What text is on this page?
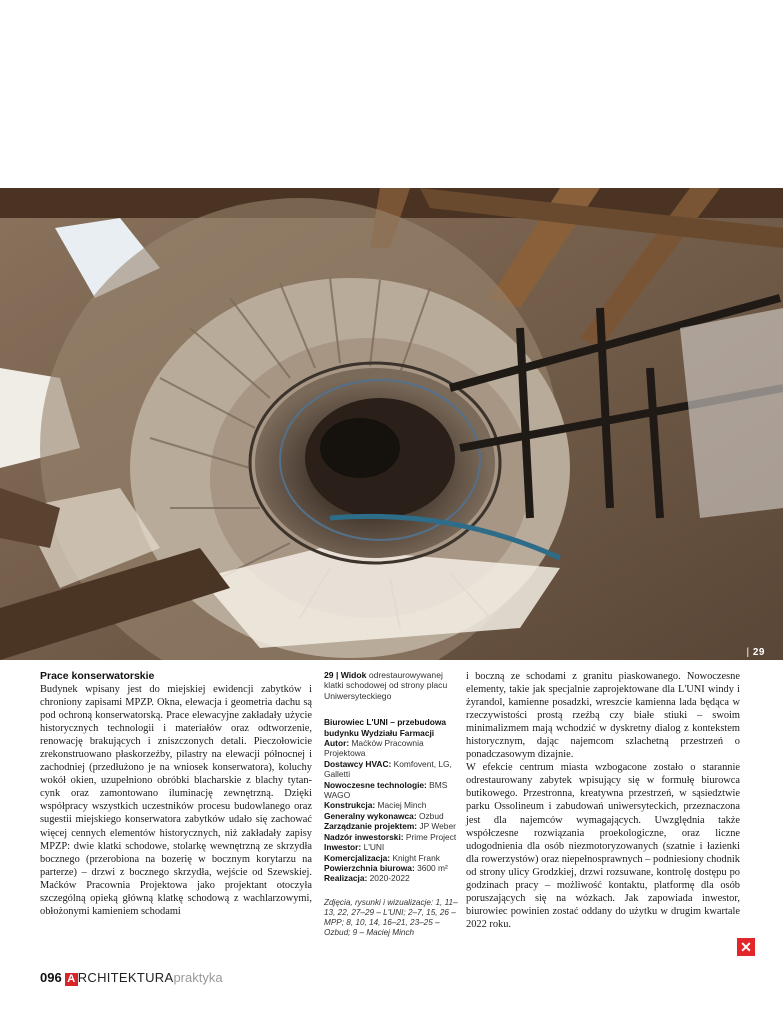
| 29
Prace konserwatorskie

Budynek wpisany jest do miejskiej ewidencji zabytków i chroniony zapisami MPZP. Okna, elewacja i geometria dachu są pod ochroną konserwatorską. Prace elewacyjne zakładały użycie historycznych technologii i materiałów oraz odtworzenie, renowację brakujących i zniszczonych detali. Pieczołowicie zrekonstruowano płaskorzeźby, pilastry na elewacji północnej i zachodniej (przedłużono je na wniosek konserwatora), koluchy wokół okien, uzupełniono obróbki blacharskie z blachy tytan-cynk oraz zamontowano iluminację zewnętrzną. Dzięki współpracy wszystkich uczestników procesu budowlanego oraz sugestii miejskiego konserwatora zabytków udało się zachować więcej cennych elementów historycznych, niż zakładały zapisy MPZP: dwie klatki schodowe, stolarkę wewnętrzną ze skrzydła bocznego (przerobiona na bozerię w bocznym korytarzu na parterze) – drzwi z bocznego skrzydła, wejście od Szewskiej. Maćków Pracownia Projektowa jako projektant otoczyła szczególną opieką główną klatkę schodową z wachlarzowymi, obłożonymi kamieniem schodami

29 | Widok odrestaurowywanej klatki schodowej od strony placu Uniwersyteckiego
Biurowiec L'UNI – przebudowa budynku Wydziału Farmacji
Autor: Maćków Pracownia Projektowa
Dostawcy HVAC: Komfovent, LG, Galletti
Nowoczesne technologie: BMS WAGO
Konstrukcja: Maciej Minch
Generalny wykonawca: Ozbud
Zarządzanie projektem: JP Weber
Nadzór inwestorski: Prime Project
Inwestor: L'UNI
Komercjalizacja: Knight Frank
Powierzchnia biurowa: 3600 m²
Realizacja: 2020-2022
Zdjęcia, rysunki i wizualizacje: 1, 11–13, 22, 27–29 – L'UNI; 2–7, 15, 26 – MPP; 8, 10, 14, 16–21, 23–25 – Ozbud; 9 – Maciej Minch

i boczną ze schodami z granitu piaskowanego. Nowoczesne elementy, takie jak specjalnie zaprojektowane dla L'UNI windy i żyrandol, kamienne posadzki, wreszcie kamienna lada będąca w rzeczywistości prostą rzeźbą czy białe stiuki – swoim minimalizmem mają wchodzić w dyskretny dialog z kontekstem historycznym, dając najemcom szlachetną przestrzeń o ponadczasowym dizajnie.

W efekcie centrum miasta wzbogacone zostało o starannie odrestaurowany zabytek wpisujący się w formułę biurowca butikowego. Przestronna, kreatywna przestrzeń, w sąsiedztwie parku Ossolineum i zabudowań uniwersyteckich, przeznaczona jest dla najemców wymagających. Uwzględnia także współczesne rozwiązania proekologiczne, oraz liczne udogodnienia dla osób niezmotoryzowanych (szatnie i łazienki dla rowerzystów) oraz niepełnosprawnych – podniesiony chodnik od strony ulicy Grodzkiej, drzwi rozsuwane, kontrolę dostępu po godzinach pracy – możliwość kontaktu, platformę dla osób poruszających się na wózkach. Jak zapowiada inwestor, biurowiec powinien zostać oddany do użytku w drugim kwartale 2022 roku.

✕
096 A RCHITEKTURA praktyka
